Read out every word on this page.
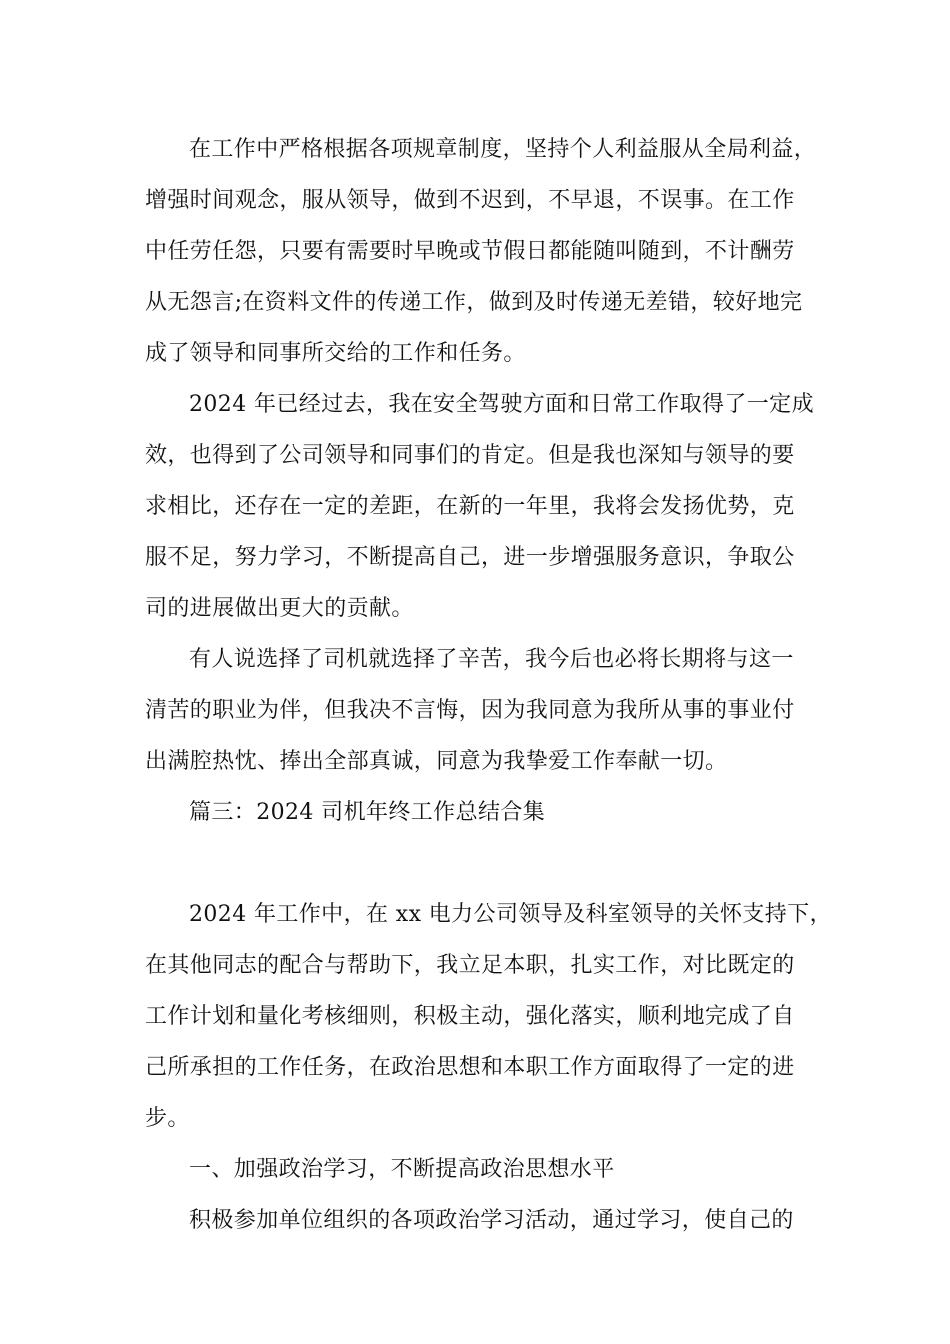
在工作中严格根据各项规章制度，坚持个人利益服从全局利益，
增强时间观念，服从领导，做到不迟到，不早退，不误事。在工作
中任劳任怨，只要有需要时早晚或节假日都能随叫随到，不计酬劳
从无怨言;在资料文件的传递工作，做到及时传递无差错，较好地完
成了领导和同事所交给的工作和任务。
2024 年已经过去，我在安全驾驶方面和日常工作取得了一定成
效，也得到了公司领导和同事们的肯定。但是我也深知与领导的要
求相比，还存在一定的差距，在新的一年里，我将会发扬优势，克
服不足，努力学习，不断提高自己，进一步增强服务意识，争取公
司的进展做出更大的贡献。
有人说选择了司机就选择了辛苦，我今后也必将长期将与这一
清苦的职业为伴，但我决不言悔，因为我同意为我所从事的事业付
出满腔热忱、捧出全部真诚，同意为我挚爱工作奉献一切。
篇三：2024 司机年终工作总结合集
2024 年工作中，在 xx 电力公司领导及科室领导的关怀支持下，
在其他同志的配合与帮助下，我立足本职，扎实工作，对比既定的
工作计划和量化考核细则，积极主动，强化落实，顺利地完成了自
己所承担的工作任务，在政治思想和本职工作方面取得了一定的进
步。
一、加强政治学习，不断提高政治思想水平
积极参加单位组织的各项政治学习活动，通过学习，使自己的
